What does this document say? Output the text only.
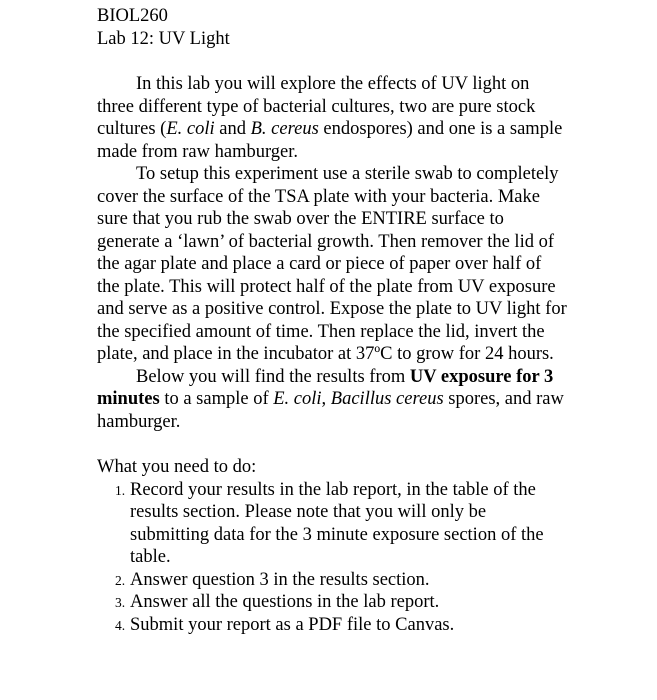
BIOL260

Lab 12: UV Light

In this lab you will explore the effects of UV light on three different type of bacterial cultures, two are pure stock cultures (E. coli and B. cereus endospores) and one is a sample made from raw hamburger.

To setup this experiment use a sterile swab to completely cover the surface of the TSA plate with your bacteria. Make sure that you rub the swab over the ENTIRE surface to generate a ‘lawn’ of bacterial growth. Then remover the lid of the agar plate and place a card or piece of paper over half of the plate. This will protect half of the plate from UV exposure and serve as a positive control. Expose the plate to UV light for the specified amount of time. Then replace the lid, invert the plate, and place in the incubator at 37ºC to grow for 24 hours.

Below you will find the results from UV exposure for 3 minutes to a sample of E. coli, Bacillus cereus spores, and raw hamburger.

What you need to do:

1. Record your results in the lab report, in the table of the results section. Please note that you will only be submitting data for the 3 minute exposure section of the table.
2. Answer question 3 in the results section.
3. Answer all the questions in the lab report.
4. Submit your report as a PDF file to Canvas.
